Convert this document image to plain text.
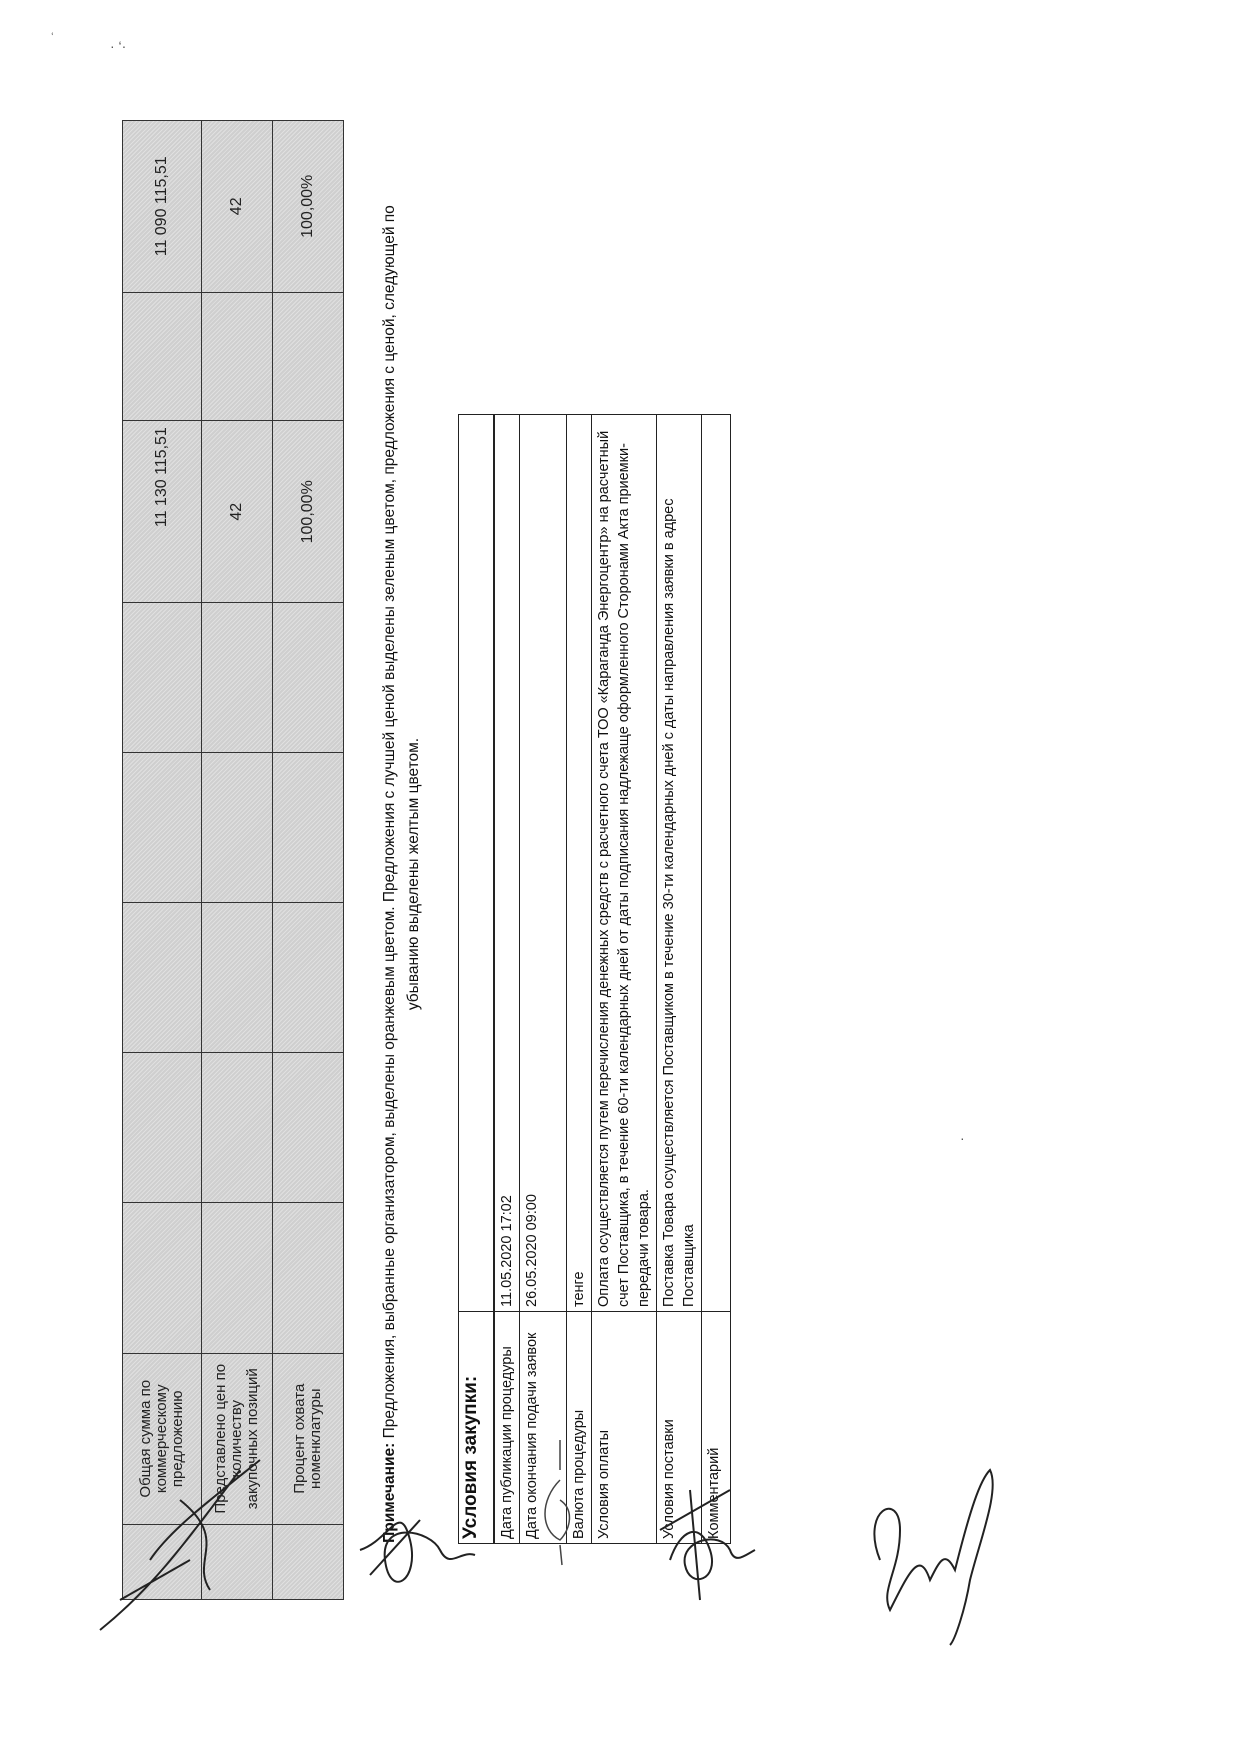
	Общая сумма по коммерческому предложению						11 130 115,51		11 090 115,51
	Представлено цен по количеству закупочных позиций						42		42
	Процент охвата номенклатуры						100,00%		100,00%
Примечание: Предложения, выбранные организатором, выделены оранжевым цветом. Предложения с лучшей ценой выделены зеленым цветом, предложения с ценой, следующей по убыванию выделены желтым цветом.
Условия закупки:	
Дата публикации процедуры	11.05.2020 17:02
Дата окончания подачи заявок	26.05.2020 09:00
Валюта процедуры	тенге
Условия оплаты	Оплата осуществляется путем перечисления денежных средств с расчетного счета ТОО «Караганда Энергоцентр» на расчетный счет Поставщика, в течение 60-ти календарных дней от даты подписания надлежаще оформленного Сторонами Акта приемки-передачи товара.
Условия поставки	Поставка Товара осуществляется Поставщиком в течение 30-ти календарных дней с даты направления заявки в адрес Поставщика
Комментарий	
ʿ	· ‘·
·
